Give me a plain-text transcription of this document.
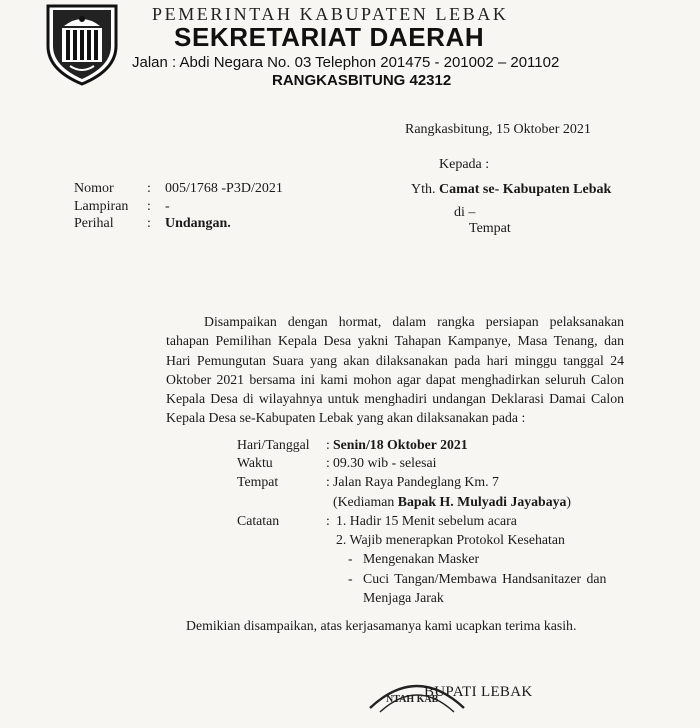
PEMERINTAH KABUPATEN LEBAK
SEKRETARIAT DAERAH
Jalan : Abdi Negara No. 03 Telephon 201475 - 201002 – 201102
RANGKASBITUNG 42312
Rangkasbitung, 15 Oktober 2021
Kepada :
Yth. Camat se- Kabupaten Lebak
di –
Tempat
Nomor : 005/1768 -P3D/2021
Lampiran : -
Perihal : Undangan.
Disampaikan dengan hormat, dalam rangka persiapan pelaksanakan tahapan Pemilihan Kepala Desa yakni Tahapan Kampanye, Masa Tenang, dan Hari Pemungutan Suara yang akan dilaksanakan pada hari minggu tanggal 24 Oktober 2021 bersama ini kami mohon agar dapat menghadirkan seluruh Calon Kepala Desa di wilayahnya untuk menghadiri undangan Deklarasi Damai Calon Kepala Desa se-Kabupaten Lebak yang akan dilaksanakan pada :
Hari/Tanggal : Senin/18 Oktober 2021
Waktu	: 09.30 wib - selesai
Tempat	: Jalan Raya Pandeglang Km. 7
(Kediaman Bapak H. Mulyadi Jayabaya)
Catatan	: 1. Hadir 15 Menit sebelum acara
2. Wajib menerapkan Protokol Kesehatan
- Mengenakan Masker
- Cuci Tangan/Membawa Handsanitazer dan
Menjaga Jarak
Demikian disampaikan, atas kerjasamanya kami ucapkan terima kasih.
NTAH KAB
BUPATI LEBAK
